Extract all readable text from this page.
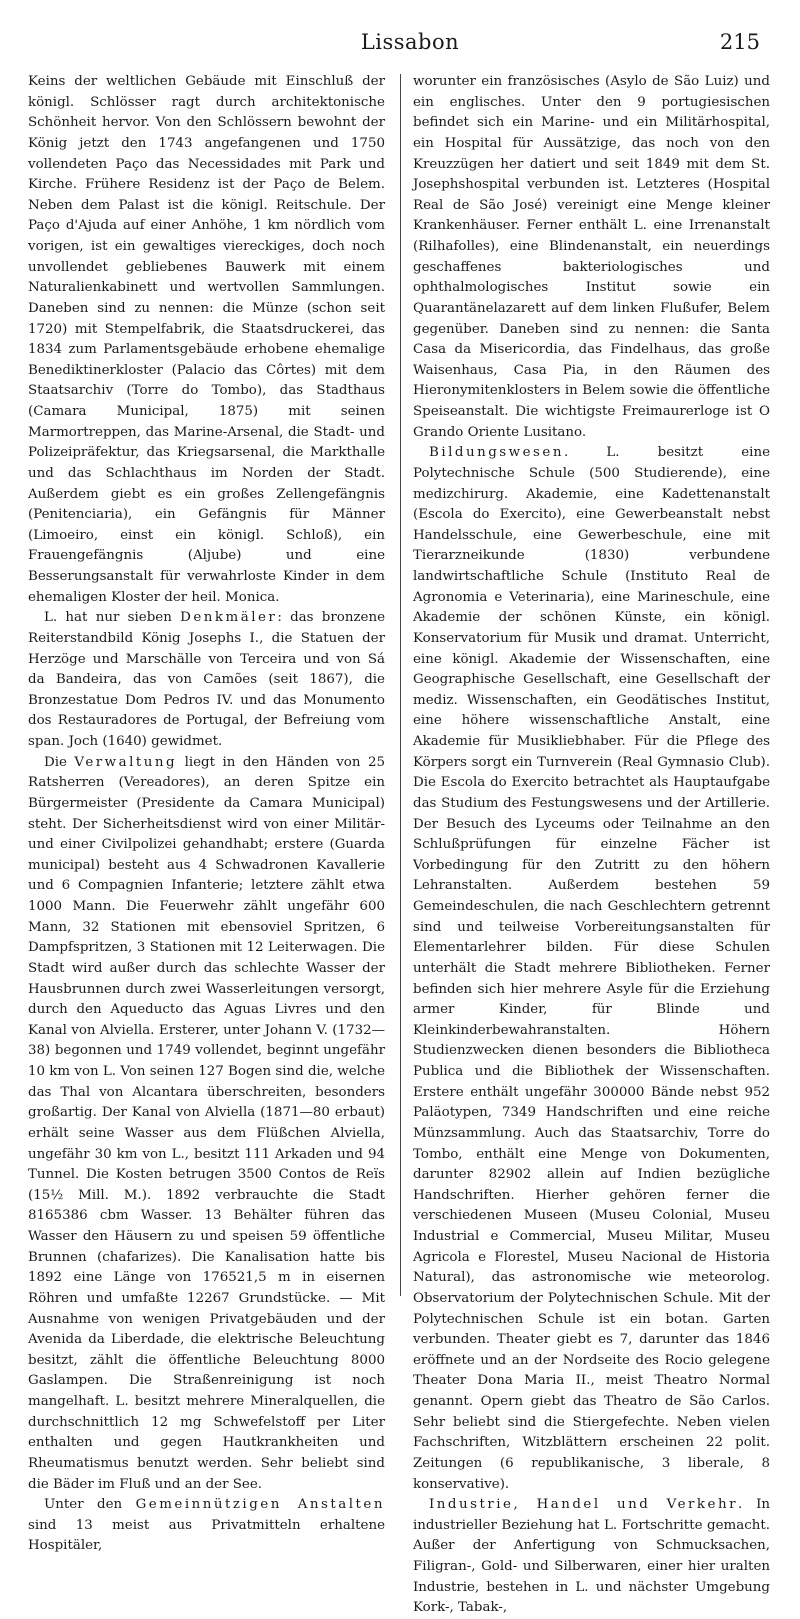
Lissabon	215

Keins der weltlichen Gebäude mit Einschluß der königl. Schlösser ragt durch architektonische Schönheit hervor. Von den Schlössern bewohnt der König jetzt den 1743 angefangenen und 1750 vollendeten Paço das Necessidades mit Park und Kirche. Frühere Residenz ist der Paço de Belem. Neben dem Palast ist die königl. Reitschule. Der Paço d'Ajuda auf einer Anhöhe, 1 km nördlich vom vorigen, ist ein gewaltiges viereckiges, doch noch unvollendet gebliebenes Bauwerk mit einem Naturalienkabinett und wertvollen Sammlungen. Daneben sind zu nennen: die Münze (schon seit 1720) mit Stempelfabrik, die Staatsdruckerei, das 1834 zum Parlamentsgebäude erhobene ehemalige Benediktinerkloster (Palacio das Côrtes) mit dem Staatsarchiv (Torre do Tombo), das Stadthaus (Camara Municipal, 1875) mit seinen Marmortreppen, das Marine-Arsenal, die Stadt- und Polizeipräfektur, das Kriegsarsenal, die Markthalle und das Schlachthaus im Norden der Stadt. Außerdem giebt es ein großes Zellengefängnis (Penitenciaria), ein Gefängnis für Männer (Limoeiro, einst ein königl. Schloß), ein Frauengefängnis (Aljube) und eine Besserungsanstalt für verwahrloste Kinder in dem ehemaligen Kloster der heil. Monica.

L. hat nur sieben Denkmäler: das bronzene Reiterstandbild König Josephs I., die Statuen der Herzöge und Marschälle von Terceira und von Sá da Bandeira, das von Camões (seit 1867), die Bronzestatue Dom Pedros IV. und das Monumento dos Restauradores de Portugal, der Befreiung vom span. Joch (1640) gewidmet.

Die Verwaltung liegt in den Händen von 25 Ratsherren (Vereadores), an deren Spitze ein Bürgermeister (Presidente da Camara Municipal) steht. Der Sicherheitsdienst wird von einer Militär- und einer Civilpolizei gehandhabt; erstere (Guarda municipal) besteht aus 4 Schwadronen Kavallerie und 6 Compagnien Infanterie; letztere zählt etwa 1000 Mann. Die Feuerwehr zählt ungefähr 600 Mann, 32 Stationen mit ebensoviel Spritzen, 6 Dampfspritzen, 3 Stationen mit 12 Leiterwagen. Die Stadt wird außer durch das schlechte Wasser der Hausbrunnen durch zwei Wasserleitungen versorgt, durch den Aqueducto das Aguas Livres und den Kanal von Alviella. Ersterer, unter Johann V. (1732—38) begonnen und 1749 vollendet, beginnt ungefähr 10 km von L. Von seinen 127 Bogen sind die, welche das Thal von Alcantara überschreiten, besonders großartig. Der Kanal von Alviella (1871—80 erbaut) erhält seine Wasser aus dem Flüßchen Alviella, ungefähr 30 km von L., besitzt 111 Arkaden und 94 Tunnel. Die Kosten betrugen 3500 Contos de Reïs (15½ Mill. M.). 1892 verbrauchte die Stadt 8165386 cbm Wasser. 13 Behälter führen das Wasser den Häusern zu und speisen 59 öffentliche Brunnen (chafarizes). Die Kanalisation hatte bis 1892 eine Länge von 176521,5 m in eisernen Röhren und umfaßte 12267 Grundstücke. — Mit Ausnahme von wenigen Privatgebäuden und der Avenida da Liberdade, die elektrische Beleuchtung besitzt, zählt die öffentliche Beleuchtung 8000 Gaslampen. Die Straßenreinigung ist noch mangelhaft. L. besitzt mehrere Mineralquellen, die durchschnittlich 12 mg Schwefelstoff per Liter enthalten und gegen Hautkrankheiten und Rheumatismus benutzt werden. Sehr beliebt sind die Bäder im Fluß und an der See.

Unter den Gemeinnützigen Anstalten sind 13 meist aus Privatmitteln erhaltene Hospitäler,

worunter ein französisches (Asylo de São Luiz) und ein englisches. Unter den 9 portugiesischen befindet sich ein Marine- und ein Militärhospital, ein Hospital für Aussätzige, das noch von den Kreuzzügen her datiert und seit 1849 mit dem St. Josephshospital verbunden ist. Letzteres (Hospital Real de São José) vereinigt eine Menge kleiner Krankenhäuser. Ferner enthält L. eine Irrenanstalt (Rilhafolles), eine Blindenanstalt, ein neuerdings geschaffenes bakteriologisches und ophthalmologisches Institut sowie ein Quarantänelazarett auf dem linken Flußufer, Belem gegenüber. Daneben sind zu nennen: die Santa Casa da Misericordia, das Findelhaus, das große Waisenhaus, Casa Pia, in den Räumen des Hieronymitenklosters in Belem sowie die öffentliche Speiseanstalt. Die wichtigste Freimaurerloge ist O Grando Oriente Lusitano.

Bildungswesen. L. besitzt eine Polytechnische Schule (500 Studierende), eine medizchirurg. Akademie, eine Kadettenanstalt (Escola do Exercito), eine Gewerbeanstalt nebst Handelsschule, eine Gewerbeschule, eine mit Tierarzneikunde (1830) verbundene landwirtschaftliche Schule (Instituto Real de Agronomia e Veterinaria), eine Marineschule, eine Akademie der schönen Künste, ein königl. Konservatorium für Musik und dramat. Unterricht, eine königl. Akademie der Wissenschaften, eine Geographische Gesellschaft, eine Gesellschaft der mediz. Wissenschaften, ein Geodätisches Institut, eine höhere wissenschaftliche Anstalt, eine Akademie für Musikliebhaber. Für die Pflege des Körpers sorgt ein Turnverein (Real Gymnasio Club). Die Escola do Exercito betrachtet als Hauptaufgabe das Studium des Festungswesens und der Artillerie. Der Besuch des Lyceums oder Teilnahme an den Schlußprüfungen für einzelne Fächer ist Vorbedingung für den Zutritt zu den höhern Lehranstalten. Außerdem bestehen 59 Gemeindeschulen, die nach Geschlechtern getrennt sind und teilweise Vorbereitungsanstalten für Elementarlehrer bilden. Für diese Schulen unterhält die Stadt mehrere Bibliotheken. Ferner befinden sich hier mehrere Asyle für die Erziehung armer Kinder, für Blinde und Kleinkinderbewahranstalten. Höhern Studienzwecken dienen besonders die Bibliotheca Publica und die Bibliothek der Wissenschaften. Erstere enthält ungefähr 300000 Bände nebst 952 Paläotypen, 7349 Handschriften und eine reiche Münzsammlung. Auch das Staatsarchiv, Torre do Tombo, enthält eine Menge von Dokumenten, darunter 82902 allein auf Indien bezügliche Handschriften. Hierher gehören ferner die verschiedenen Museen (Museu Colonial, Museu Industrial e Commercial, Museu Militar, Museu Agricola e Florestel, Museu Nacional de Historia Natural), das astronomische wie meteorolog. Observatorium der Polytechnischen Schule. Mit der Polytechnischen Schule ist ein botan. Garten verbunden. Theater giebt es 7, darunter das 1846 eröffnete und an der Nordseite des Rocio gelegene Theater Dona Maria II., meist Theatro Normal genannt. Opern giebt das Theatro de São Carlos. Sehr beliebt sind die Stiergefechte. Neben vielen Fachschriften, Witzblättern erscheinen 22 polit. Zeitungen (6 republikanische, 3 liberale, 8 konservative).

Industrie, Handel und Verkehr. In industrieller Beziehung hat L. Fortschritte gemacht. Außer der Anfertigung von Schmucksachen, Filigran-, Gold- und Silberwaren, einer hier uralten Industrie, bestehen in L. und nächster Umgebung Kork-, Tabak-,
